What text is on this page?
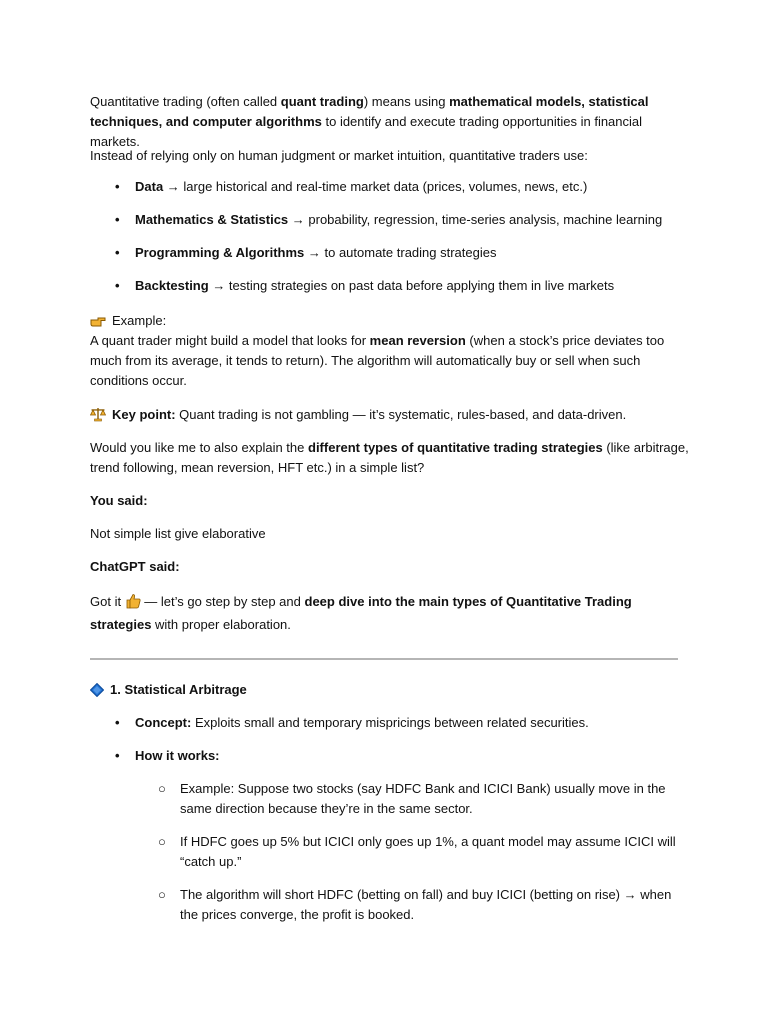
Quantitative trading (often called quant trading) means using mathematical models, statistical techniques, and computer algorithms to identify and execute trading opportunities in financial markets.

Instead of relying only on human judgment or market intuition, quantitative traders use:

• Data → large historical and real-time market data (prices, volumes, news, etc.)
• Mathematics & Statistics → probability, regression, time-series analysis, machine learning
• Programming & Algorithms → to automate trading strategies
• Backtesting → testing strategies on past data before applying them in live markets
Example:

A quant trader might build a model that looks for mean reversion (when a stock’s price deviates too much from its average, it tends to return). The algorithm will automatically buy or sell when such conditions occur.

Key point: Quant trading is not gambling — it’s systematic, rules-based, and data-driven.

Would you like me to also explain the different types of quantitative trading strategies (like arbitrage, trend following, mean reversion, HFT etc.) in a simple list?

You said:

Not simple list give elaborative

ChatGPT said:

Got it  — let’s go step by step and deep dive into the main types of Quantitative Trading strategies with proper elaboration.

1. Statistical Arbitrage
• Concept: Exploits small and temporary mispricings between related securities.
• How it works:
○ Example: Suppose two stocks (say HDFC Bank and ICICI Bank) usually move in the same direction because they’re in the same sector.
○ If HDFC goes up 5% but ICICI only goes up 1%, a quant model may assume ICICI will “catch up.”
○ The algorithm will short HDFC (betting on fall) and buy ICICI (betting on rise) → when the prices converge, the profit is booked.
